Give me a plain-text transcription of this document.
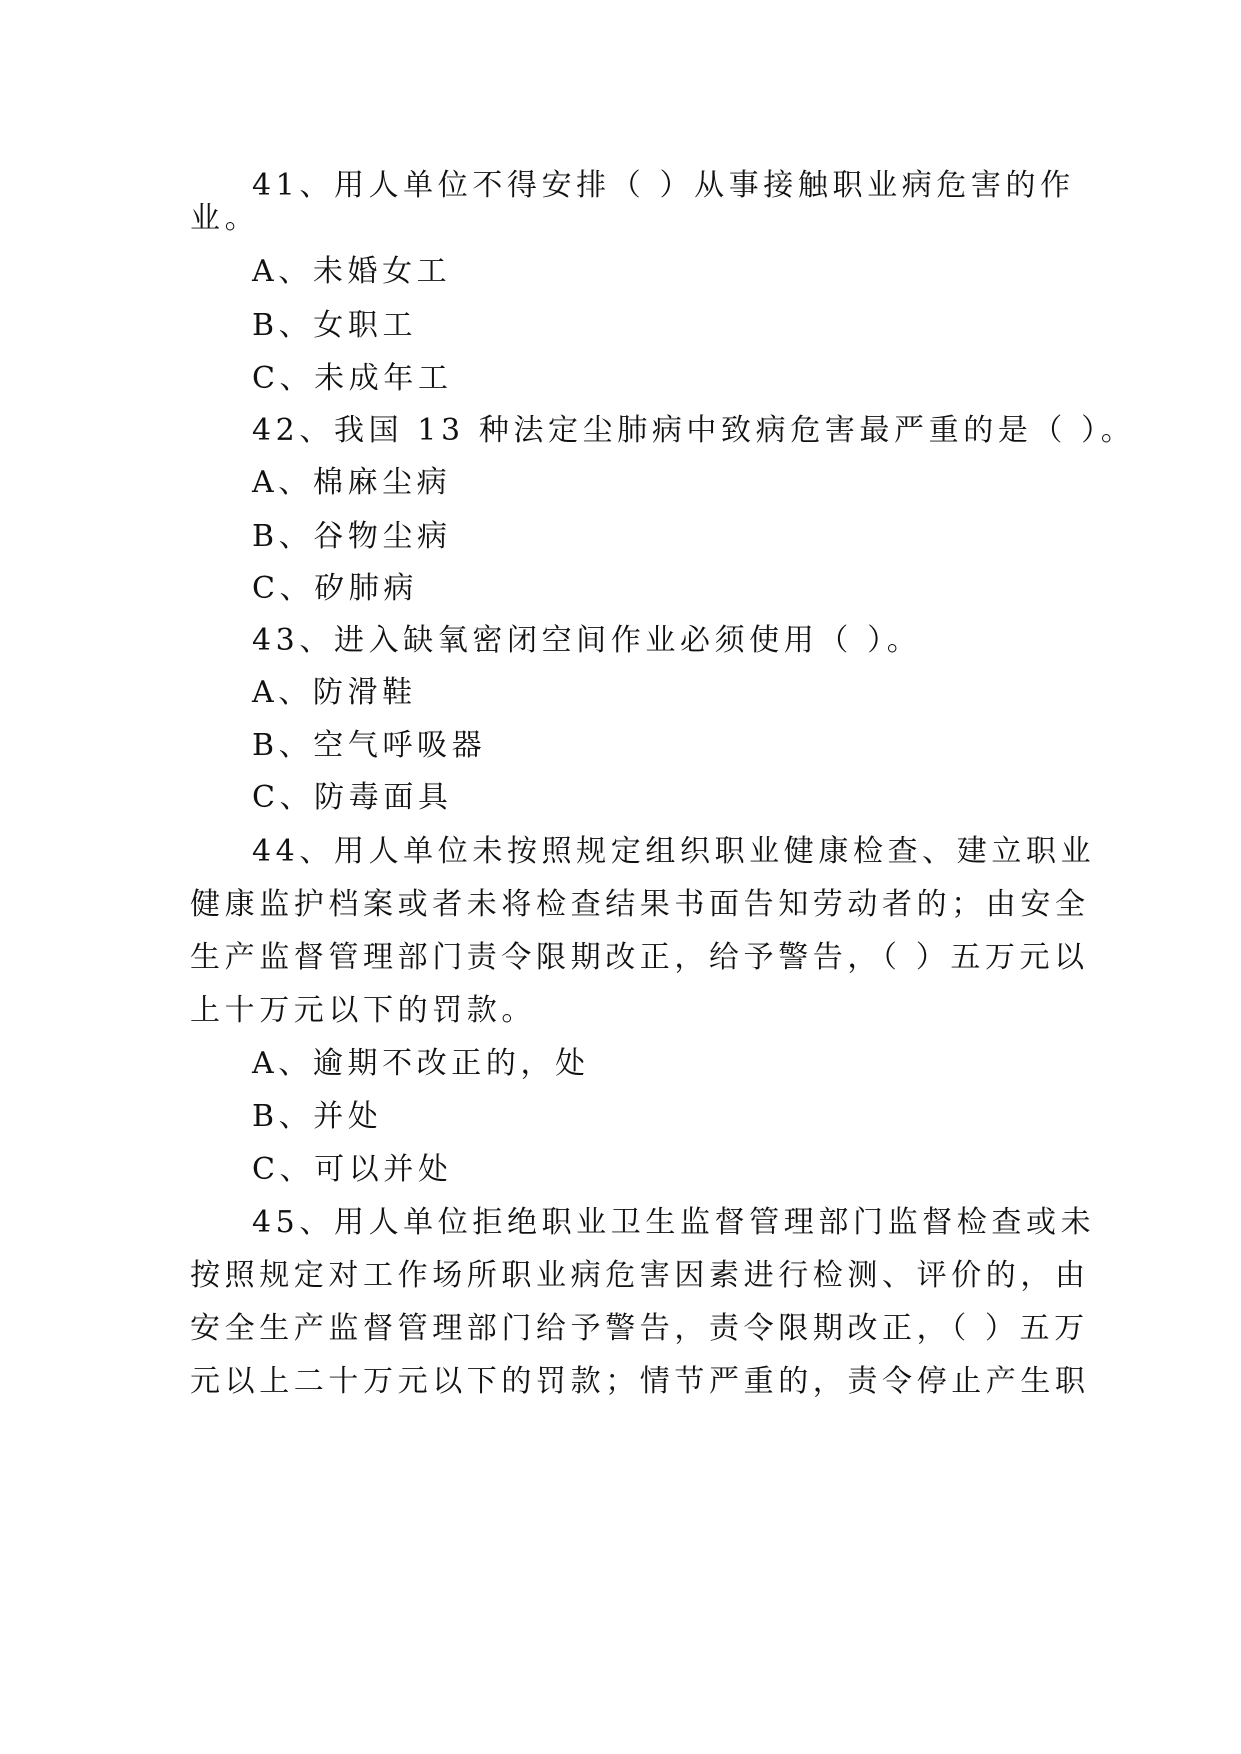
41、用人单位不得安排（ ）从事接触职业病危害的作

业。

A、未婚女工

B、女职工

C、未成年工

42、我国 13 种法定尘肺病中致病危害最严重的是（ ）。

A、棉麻尘病

B、谷物尘病

C、矽肺病

43、进入缺氧密闭空间作业必须使用（ ）。

A、防滑鞋

B、空气呼吸器

C、防毒面具

44、用人单位未按照规定组织职业健康检查、建立职业

健康监护档案或者未将检查结果书面告知劳动者的；由安全

生产监督管理部门责令限期改正，给予警告，（ ）五万元以

上十万元以下的罚款。

A、逾期不改正的，处

B、并处

C、可以并处

45、用人单位拒绝职业卫生监督管理部门监督检查或未

按照规定对工作场所职业病危害因素进行检测、评价的，由

安全生产监督管理部门给予警告，责令限期改正，（ ）五万

元以上二十万元以下的罚款；情节严重的，责令停止产生职
